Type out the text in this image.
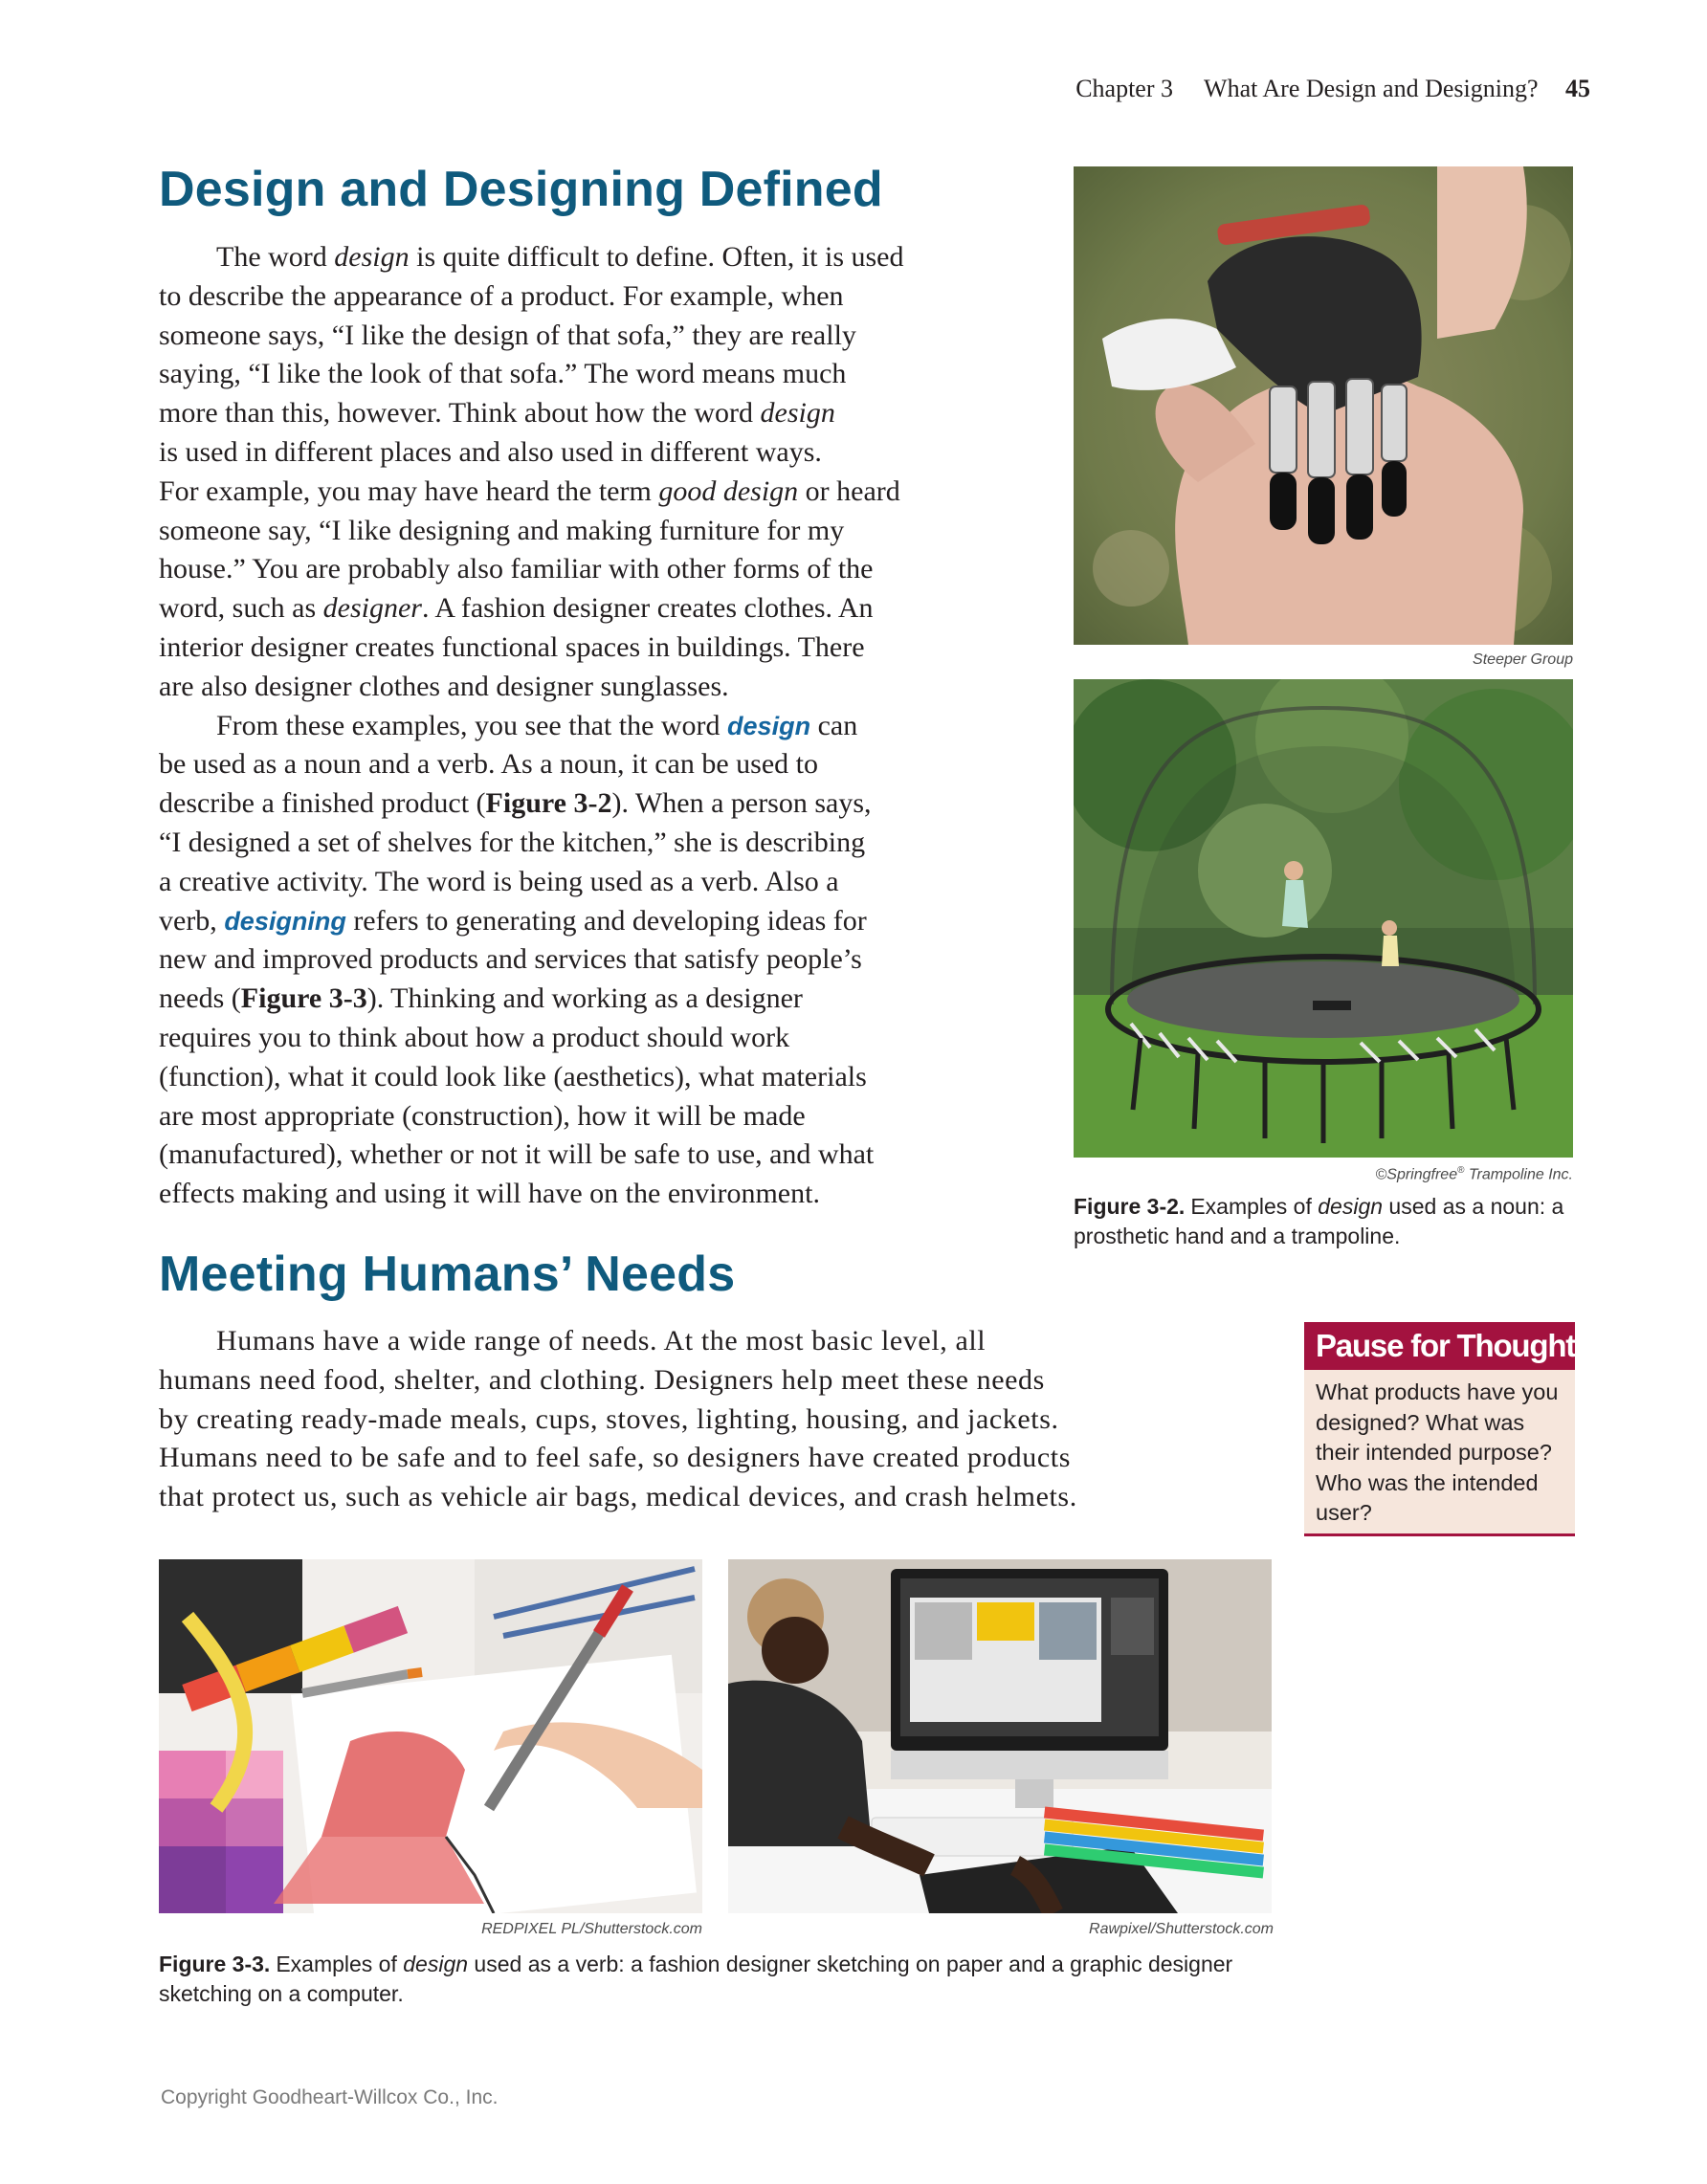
Chapter 3 What Are Design and Designing? 45
Design and Designing Defined
The word design is quite difficult to define. Often, it is used
to describe the appearance of a product. For example, when
someone says, “I like the design of that sofa,” they are really
saying, “I like the look of that sofa.” The word means much
more than this, however. Think about how the word design
is used in different places and also used in different ways.
For example, you may have heard the term good design or heard
someone say, “I like designing and making furniture for my
house.” You are probably also familiar with other forms of the
word, such as designer. A fashion designer creates clothes. An
interior designer creates functional spaces in buildings. There
are also designer clothes and designer sunglasses.
From these examples, you see that the word design can
be used as a noun and a verb. As a noun, it can be used to
describe a finished product (Figure 3-2). When a person says,
“I designed a set of shelves for the kitchen,” she is describing
a creative activity. The word is being used as a verb. Also a
verb, designing refers to generating and developing ideas for
new and improved products and services that satisfy people’s
needs (Figure 3-3). Thinking and working as a designer
requires you to think about how a product should work
(function), what it could look like (aesthetics), what materials
are most appropriate (construction), how it will be made
(manufactured), whether or not it will be safe to use, and what
effects making and using it will have on the environment.
Steeper Group
©Springfree® Trampoline Inc.
Figure 3-2. Examples of design used as a noun: a prosthetic hand and a trampoline.
Meeting Humans’ Needs
Humans have a wide range of needs. At the most basic level, all
humans need food, shelter, and clothing. Designers help meet these needs
by creating ready-made meals, cups, stoves, lighting, housing, and jackets.
Humans need to be safe and to feel safe, so designers have created products
that protect us, such as vehicle air bags, medical devices, and crash helmets.
Pause for Thought
What products have you designed? What was their intended purpose? Who was the intended user?
REDPIXEL PL/Shutterstock.com	Rawpixel/Shutterstock.com
Figure 3-3. Examples of design used as a verb: a fashion designer sketching on paper and a graphic designer sketching on a computer.
Copyright Goodheart-Willcox Co., Inc.
